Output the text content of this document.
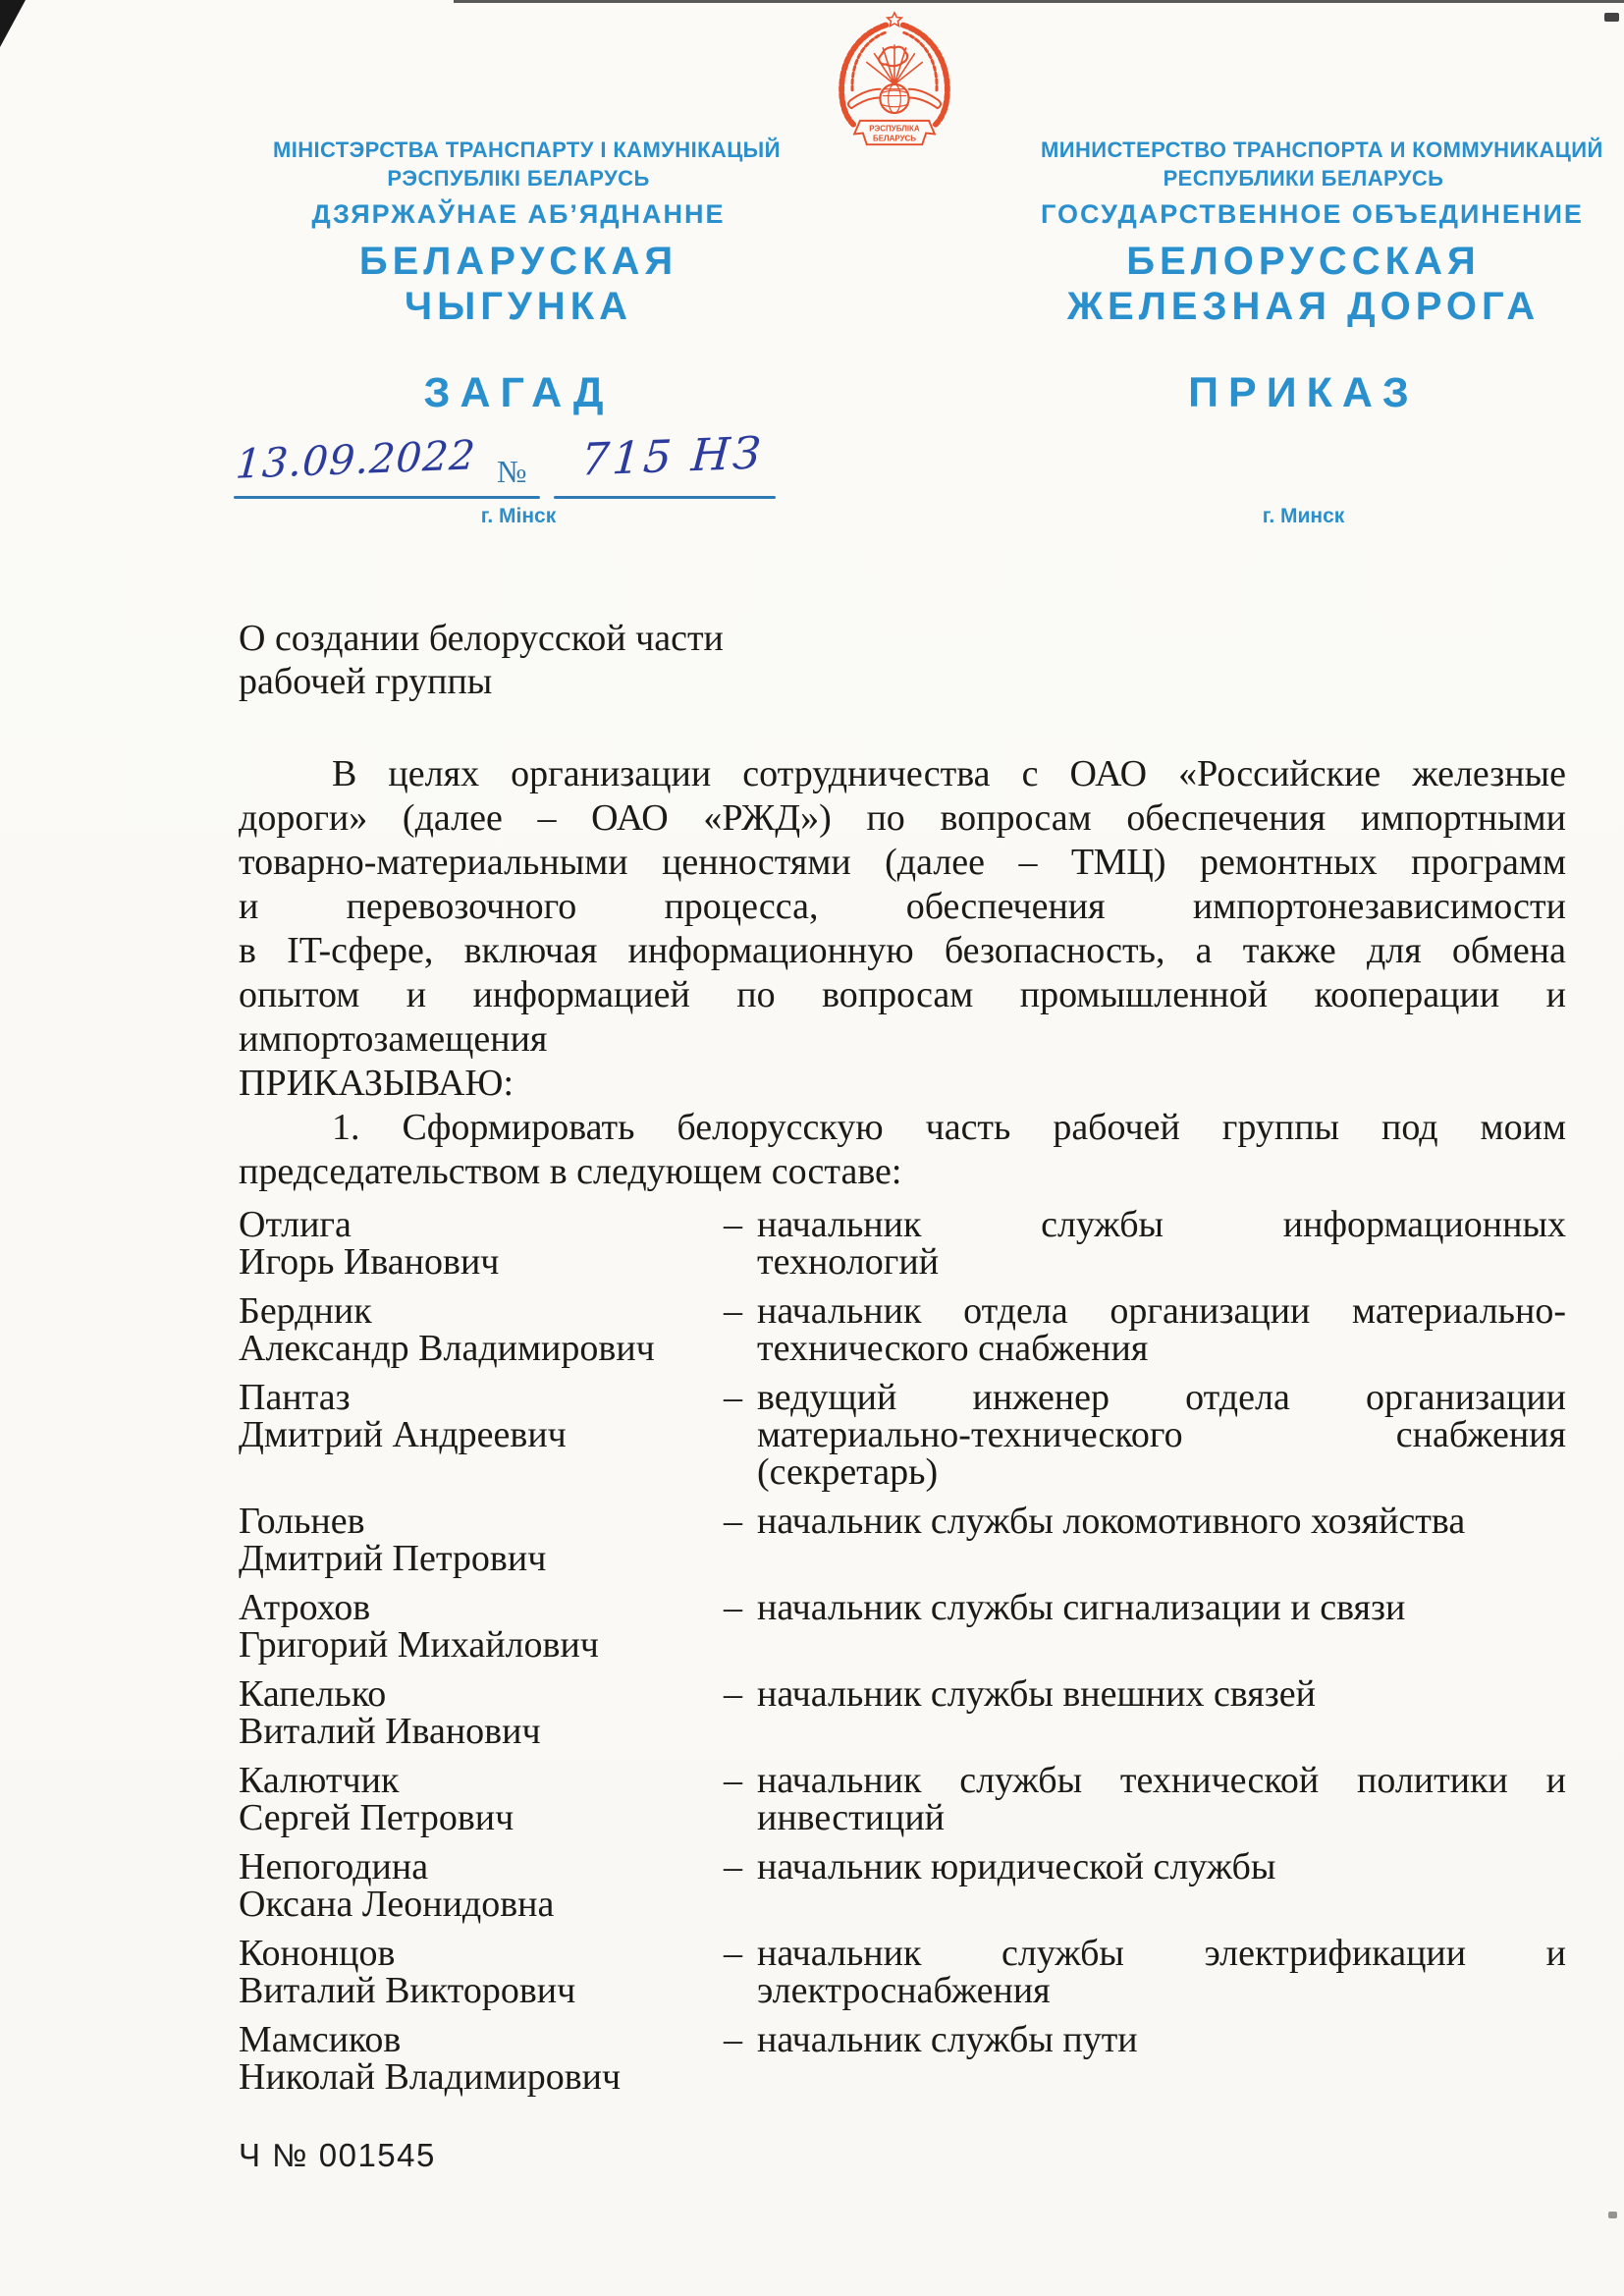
МІНІСТЭРСТВА ТРАНСПАРТУ І КАМУНІКАЦЫЙ
РЭСПУБЛІКІ БЕЛАРУСЬ
ДЗЯРЖАЎНАЕ АБ’ЯДНАННЕ
БЕЛАРУСКАЯ
ЧЫГУНКА
ЗАГАД
РЭСПУБЛІКА
БЕЛАРУСЬ	МИНИСТЕРСТВО ТРАНСПОРТА И КОММУНИКАЦИЙ
РЕСПУБЛИКИ БЕЛАРУСЬ
ГОСУДАРСТВЕННОЕ ОБЪЕДИНЕНИЕ
БЕЛОРУССКАЯ
ЖЕЛЕЗНАЯ ДОРОГА
ПРИКАЗ
13.09.2022 № 715 НЗ
г. Мінск	г. Минск
О создании белорусской части
рабочей группы
В целях организации сотрудничества с ОАО «Российские железные
дороги» (далее – ОАО «РЖД») по вопросам обеспечения импортными
товарно-материальными ценностями (далее – ТМЦ) ремонтных программ
и перевозочного процесса, обеспечения импортонезависимости
в IT-сфере, включая информационную безопасность, а также для обмена
опытом и информацией по вопросам промышленной кооперации и
импортозамещения
ПРИКАЗЫВАЮ:
1. Сформировать белорусскую часть рабочей группы под моим
председательством в следующем составе:
Отлига
Игорь Иванович
– начальник службы информационных
технологий
Бердник
Александр Владимирович
– начальник отдела организации материально-
технического снабжения
Пантаз
Дмитрий Андреевич
– ведущий инженер отдела организации
материально-технического снабжения
(секретарь)
Гольнев
Дмитрий Петрович
– начальник службы локомотивного хозяйства
Атрохов
Григорий Михайлович
– начальник службы сигнализации и связи
Капелько
Виталий Иванович
– начальник службы внешних связей
Калютчик
Сергей Петрович
– начальник службы технической политики и
инвестиций
Непогодина
Оксана Леонидовна
– начальник юридической службы
Кононцов
Виталий Викторович
– начальник службы электрификации и
электроснабжения
Мамсиков
Николай Владимирович
– начальник службы пути
Ч № 001545
